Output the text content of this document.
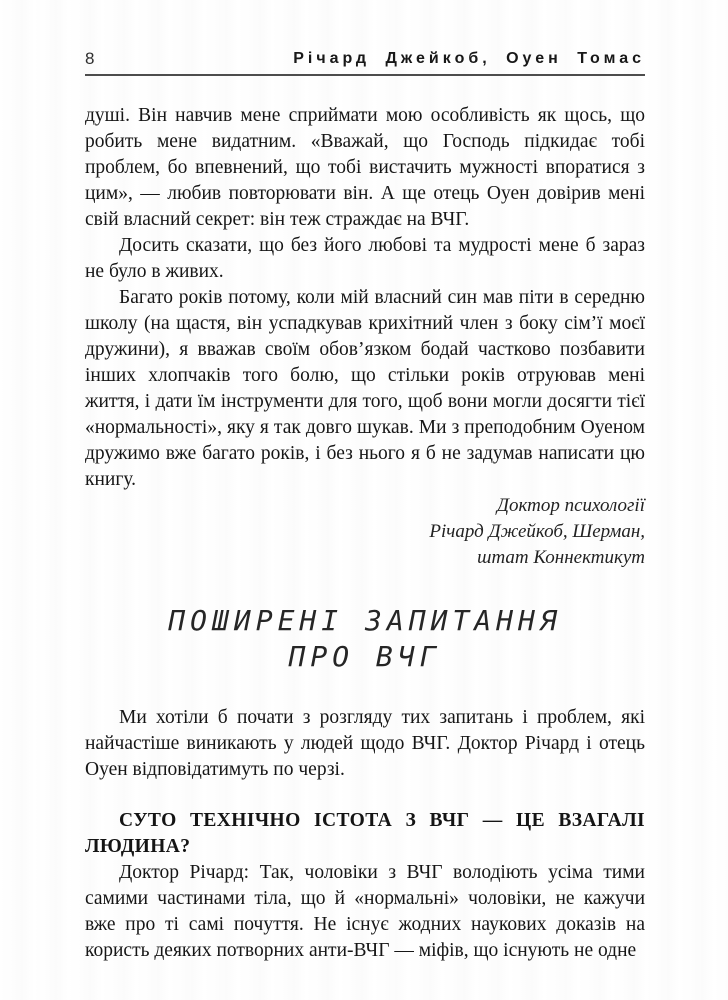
8	Річард Джейкоб, Оуен Томас

душі. Він навчив мене сприймати мою особливість як щось, що робить мене видатним. «Вважай, що Господь підкидає тобі проблем, бо впевнений, що тобі вистачить мужності впоратися з цим», — любив повторювати він. А ще отець Оуен довірив мені свій власний секрет: він теж страждає на ВЧГ.

Досить сказати, що без його любові та мудрості мене б зараз не було в живих.

Багато років потому, коли мій власний син мав піти в середню школу (на щастя, він успадкував крихітний член з боку сім’ї моєї дружини), я вважав своїм обов’язком бодай частково позбавити інших хлопчаків того болю, що стільки років отруював мені життя, і дати їм інструменти для того, щоб вони могли досягти тієї «нормальності», яку я так довго шукав. Ми з преподобним Оуеном дружимо вже багато років, і без нього я б не задумав написати цю книгу.

Доктор психології
Річард Джейкоб, Шерман,
штат Коннектикут

ПОШИРЕНІ ЗАПИТАННЯ
ПРО ВЧГ

Ми хотіли б почати з розгляду тих запитань і проблем, які найчастіше виникають у людей щодо ВЧГ. Доктор Річард і отець Оуен відповідатимуть по черзі.

СУТО ТЕХНІЧНО ІСТОТА З ВЧГ — ЦЕ ВЗАГАЛІ ЛЮДИНА?

Доктор Річард: Так, чоловіки з ВЧГ володіють усіма тими самими частинами тіла, що й «нормальні» чоловіки, не кажучи вже про ті самі почуття. Не існує жодних наукових доказів на користь деяких потворних анти-ВЧГ — міфів, що існують не одне
